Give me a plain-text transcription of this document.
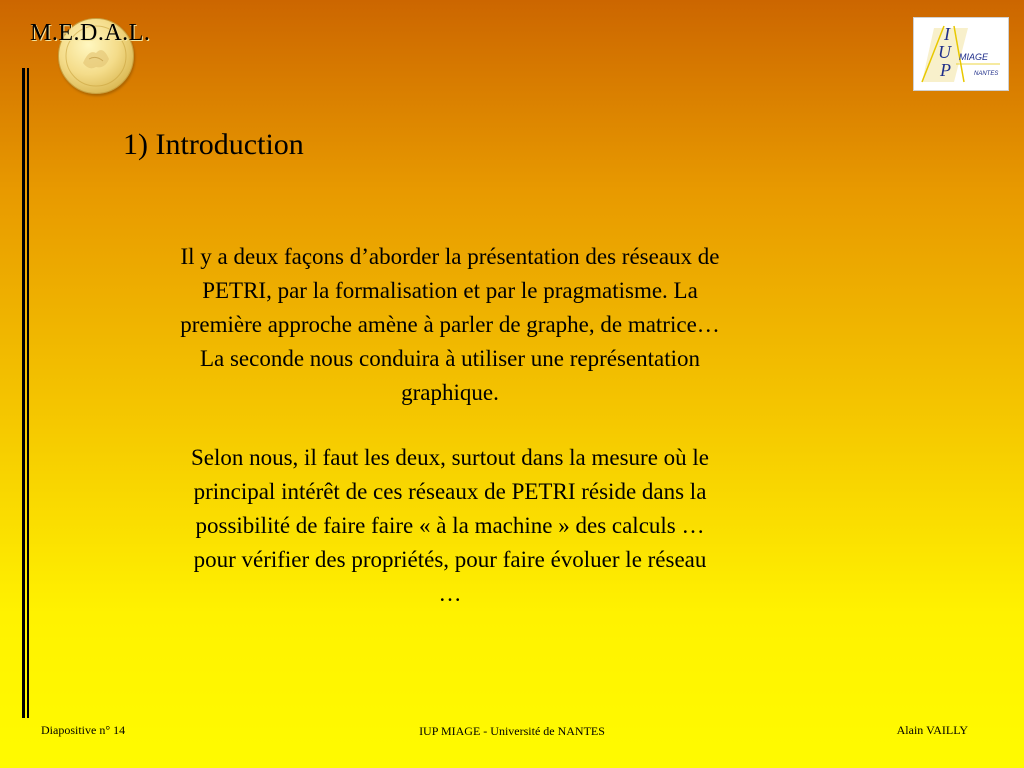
M.E.D.A.L.	I
U
P
MIAGE
NANTES
1) Introduction

Il y a deux façons d’aborder la présentation des réseaux de PETRI, par la formalisation et par le pragmatisme. La première approche amène à parler de graphe, de matrice… La seconde nous conduira à utiliser une représentation graphique.

Selon nous, il faut les deux, surtout dans la mesure où le principal intérêt de ces réseaux de PETRI réside dans la possibilité de faire faire « à la machine » des calculs … pour vérifier des propriétés, pour faire évoluer le réseau …

Diapositive n° 14	IUP MIAGE - Université de NANTES	Alain VAILLY
